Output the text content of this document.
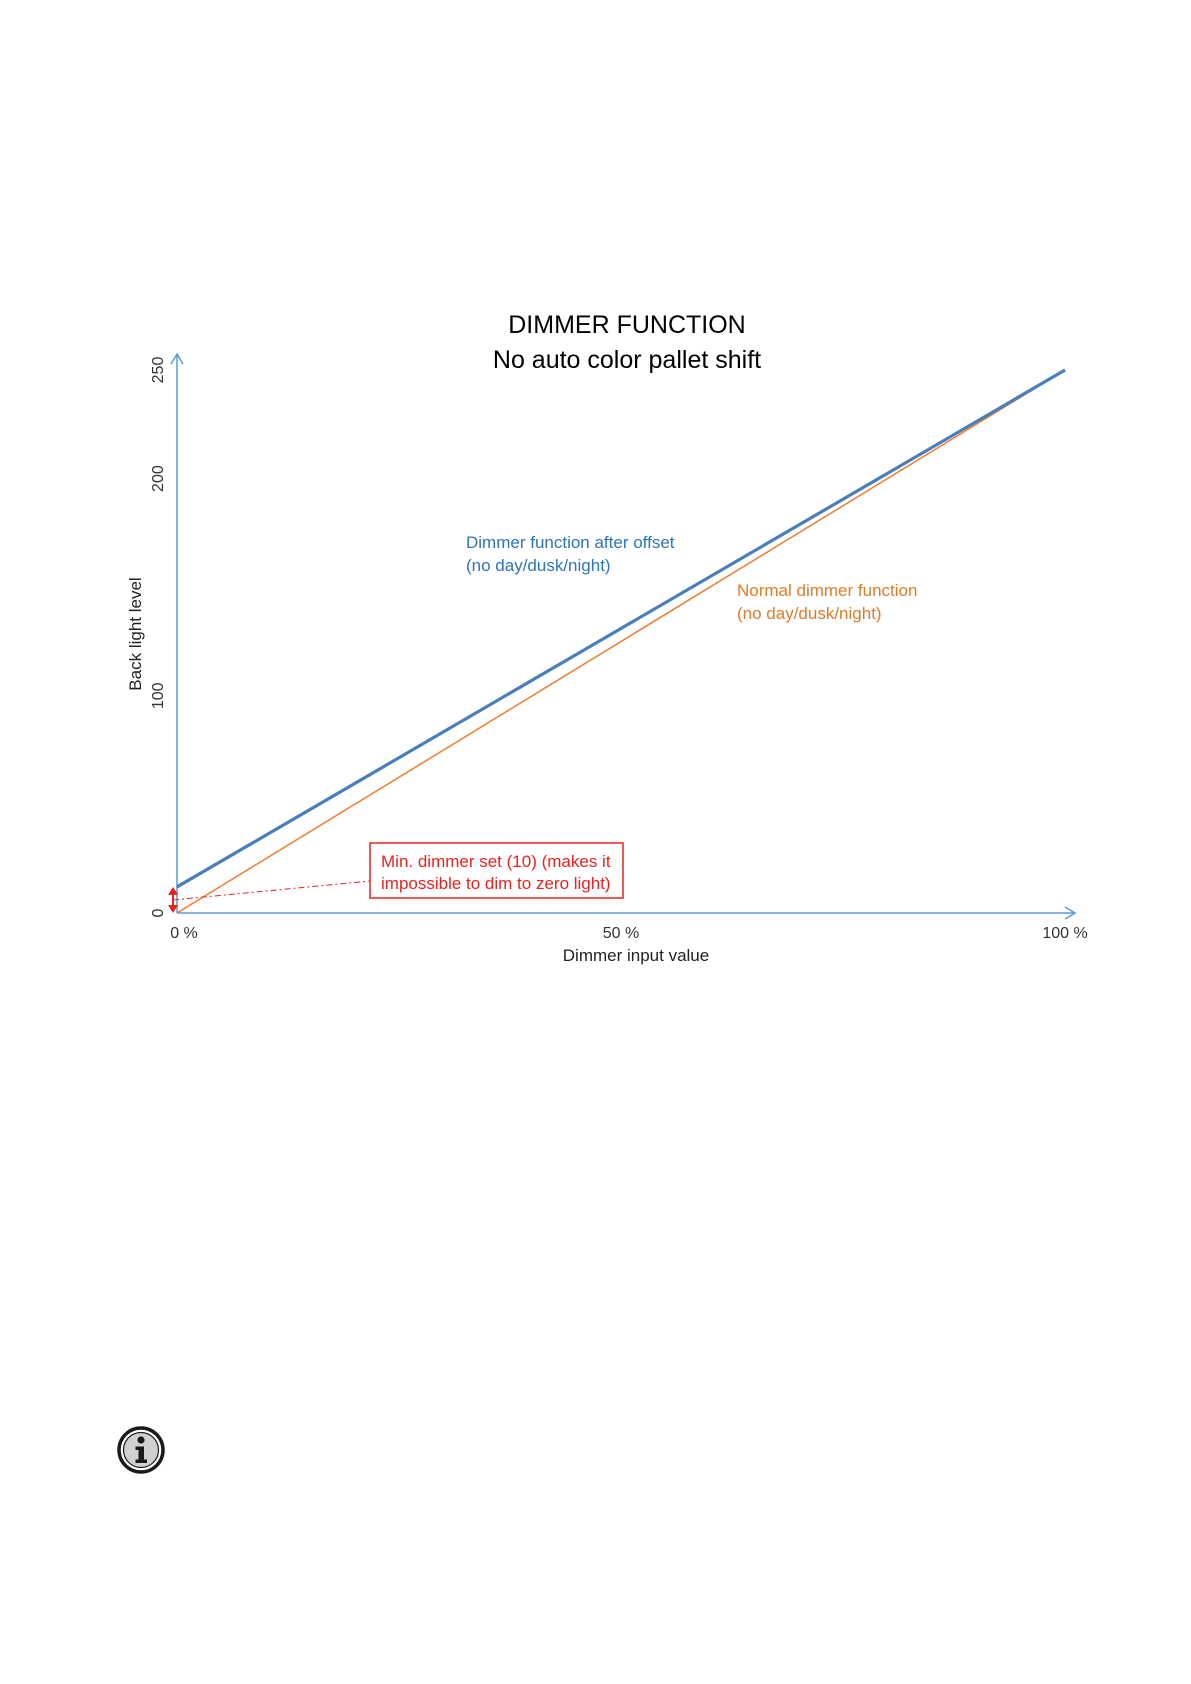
DIMMER FUNCTION
No auto color pallet shift
0 %	50 %	100 %
0
100
200
250
Dimmer input value
Back light level
Dimmer function after offset
(no day/dusk/night)
Normal dimmer function
(no day/dusk/night)
Min. dimmer set (10) (makes it
impossible to dim to zero light)
